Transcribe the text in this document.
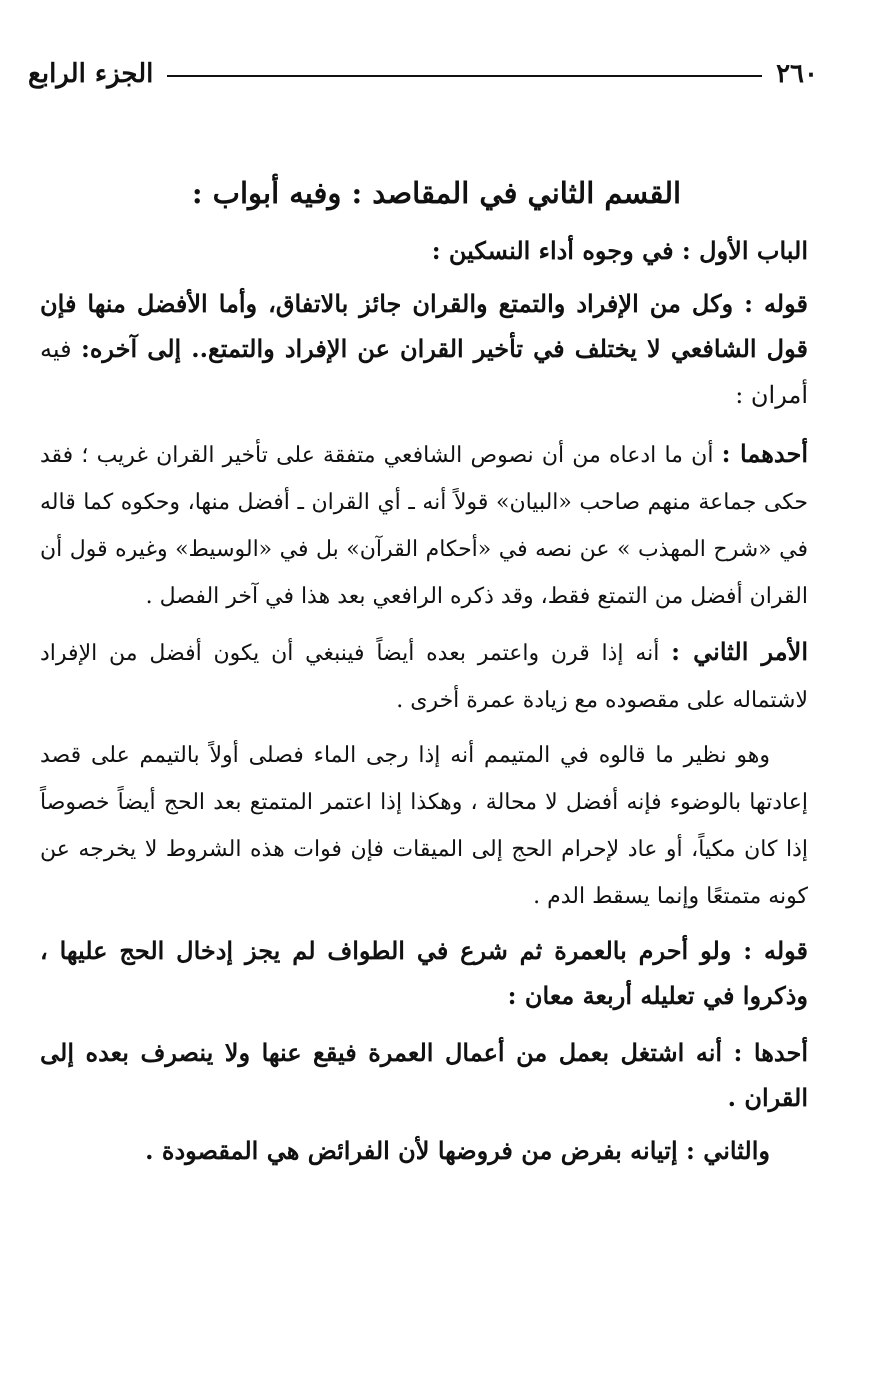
٢٦٠
الجزء الرابع
القسم الثاني في المقاصد : وفيه أبواب :

الباب الأول : في وجوه أداء النسكين :

قوله : وكل من الإفراد والتمتع والقران جائز بالاتفاق، وأما الأفضل منها فإن قول الشافعي لا يختلف في تأخير القران عن الإفراد والتمتع.. إلى آخره: فيه أمران :

أحدهما : أن ما ادعاه من أن نصوص الشافعي متفقة على تأخير القران غريب ؛ فقد حكى جماعة منهم صاحب «البيان» قولاً أنه ـ أي القران ـ أفضل منها، وحكوه كما قاله في «شرح المهذب » عن نصه في «أحكام القرآن» بل في «الوسيط» وغيره قول أن القران أفضل من التمتع فقط، وقد ذكره الرافعي بعد هذا في آخر الفصل .

الأمر الثاني : أنه إذا قرن واعتمر بعده أيضاً فينبغي أن يكون أفضل من الإفراد لاشتماله على مقصوده مع زيادة عمرة أخرى .

وهو نظير ما قالوه في المتيمم أنه إذا رجى الماء فصلى أولاً بالتيمم على قصد إعادتها بالوضوء فإنه أفضل لا محالة ، وهكذا إذا اعتمر المتمتع بعد الحج أيضاً خصوصاً إذا كان مكياً، أو عاد لإحرام الحج إلى الميقات فإن فوات هذه الشروط لا يخرجه عن كونه متمتعًا وإنما يسقط الدم .

قوله : ولو أحرم بالعمرة ثم شرع في الطواف لم يجز إدخال الحج عليها ، وذكروا في تعليله أربعة معان :

أحدها : أنه اشتغل بعمل من أعمال العمرة فيقع عنها ولا ينصرف بعده إلى القران .

والثاني : إتيانه بفرض من فروضها لأن الفرائض هي المقصودة .
